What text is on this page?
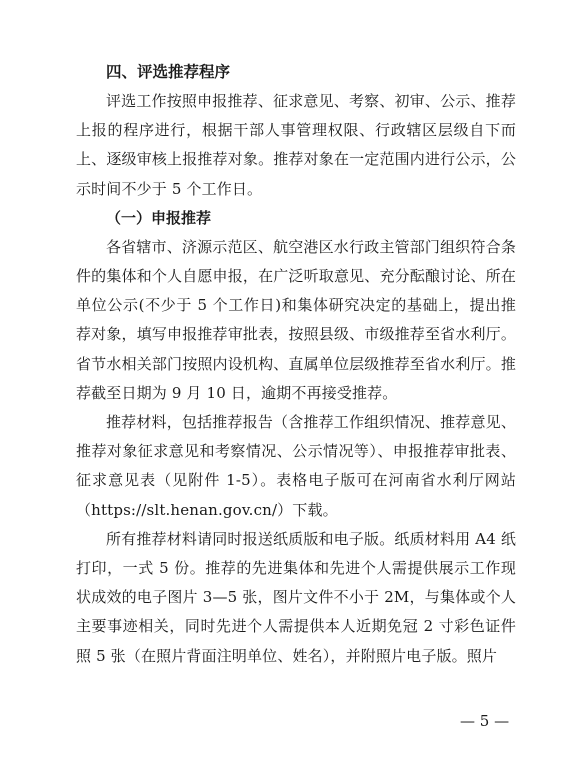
四、评选推荐程序

评选工作按照申报推荐、征求意见、考察、初审、公示、推荐上报的程序进行，根据干部人事管理权限、行政辖区层级自下而上、逐级审核上报推荐对象。推荐对象在一定范围内进行公示，公示时间不少于 5 个工作日。

（一）申报推荐

各省辖市、济源示范区、航空港区水行政主管部门组织符合条件的集体和个人自愿申报，在广泛听取意见、充分酝酿讨论、所在单位公示(不少于 5 个工作日)和集体研究决定的基础上，提出推荐对象，填写申报推荐审批表，按照县级、市级推荐至省水利厅。省节水相关部门按照内设机构、直属单位层级推荐至省水利厅。推荐截至日期为 9 月 10 日，逾期不再接受推荐。

推荐材料，包括推荐报告（含推荐工作组织情况、推荐意见、推荐对象征求意见和考察情况、公示情况等）、申报推荐审批表、征求意见表（见附件 1-5）。表格电子版可在河南省水利厅网站（https://slt.henan.gov.cn/）下载。

所有推荐材料请同时报送纸质版和电子版。纸质材料用 A4 纸打印，一式 5 份。推荐的先进集体和先进个人需提供展示工作现状成效的电子图片 3—5 张，图片文件不小于 2M，与集体或个人主要事迹相关，同时先进个人需提供本人近期免冠 2 寸彩色证件照 5 张（在照片背面注明单位、姓名），并附照片电子版。照片

— 5 —
